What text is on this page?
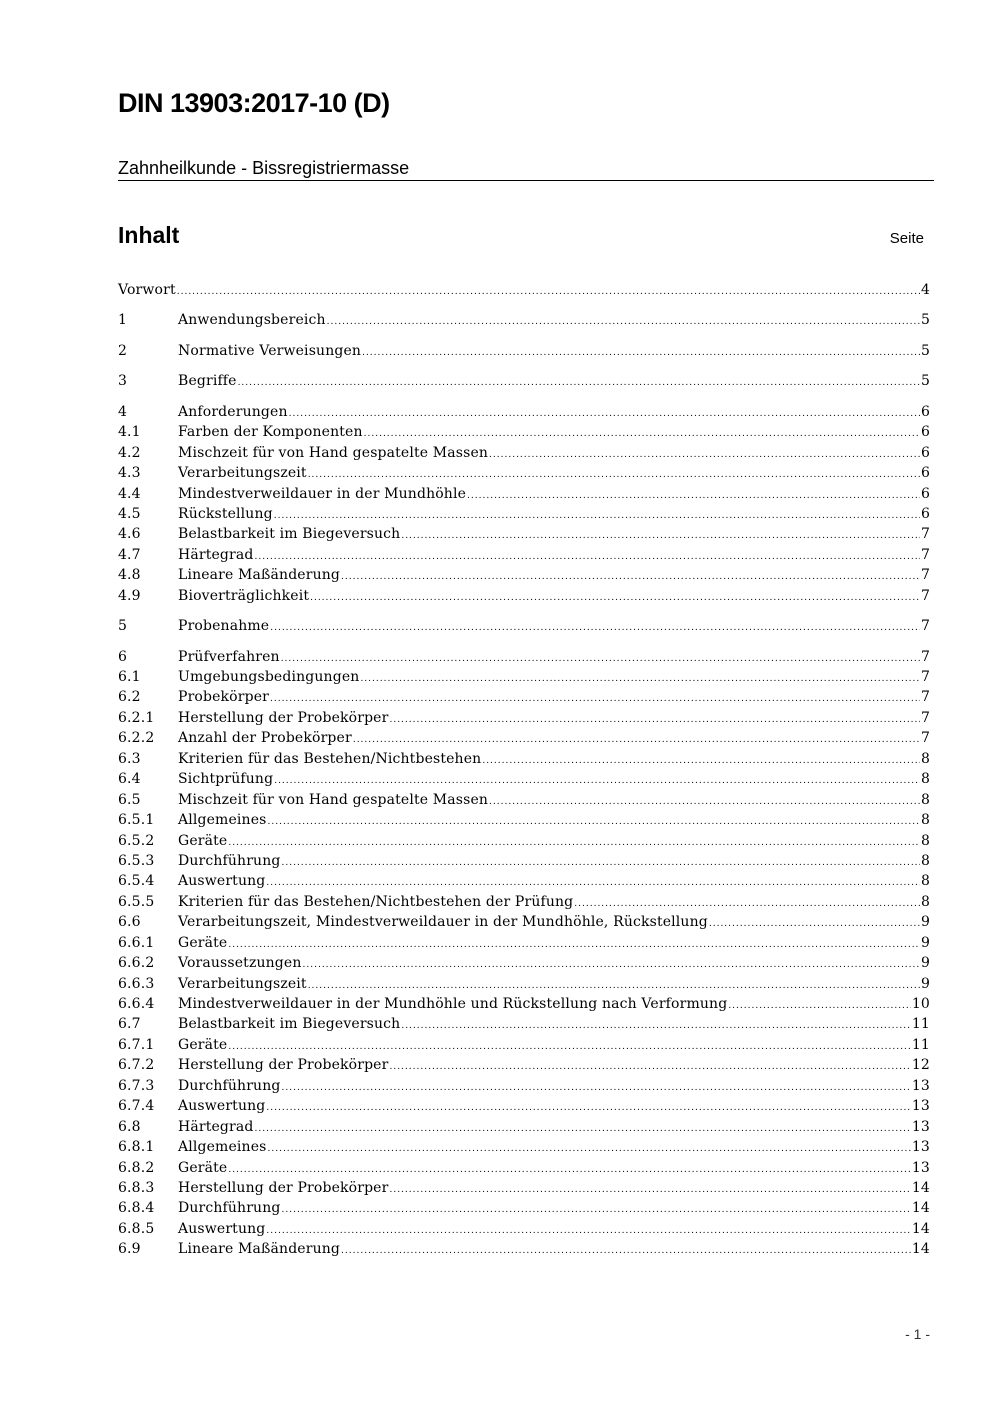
DIN 13903:2017-10 (D)
Zahnheilkunde - Bissregistriermasse
Inhalt	Seite
Vorwort .....	4
1	Anwendungsbereich .....	5
2	Normative Verweisungen .....	5
3	Begriffe .....	5
4	Anforderungen .....	6
4.1	Farben der Komponenten .....	6
4.2	Mischzeit für von Hand gespatelte Massen .....	6
4.3	Verarbeitungszeit .....	6
4.4	Mindestverweildauer in der Mundhöhle .....	6
4.5	Rückstellung .....	6
4.6	Belastbarkeit im Biegeversuch .....	7
4.7	Härtegrad .....	7
4.8	Lineare Maßänderung .....	7
4.9	Bioverträglichkeit .....	7
5	Probenahme .....	7
6	Prüfverfahren .....	7
6.1	Umgebungsbedingungen .....	7
6.2	Probekörper .....	7
6.2.1	Herstellung der Probekörper .....	7
6.2.2	Anzahl der Probekörper .....	7
6.3	Kriterien für das Bestehen/Nichtbestehen .....	8
6.4	Sichtprüfung .....	8
6.5	Mischzeit für von Hand gespatelte Massen .....	8
6.5.1	Allgemeines .....	8
6.5.2	Geräte .....	8
6.5.3	Durchführung .....	8
6.5.4	Auswertung .....	8
6.5.5	Kriterien für das Bestehen/Nichtbestehen der Prüfung .....	8
6.6	Verarbeitungszeit, Mindestverweildauer in der Mundhöhle, Rückstellung .....	9
6.6.1	Geräte .....	9
6.6.2	Voraussetzungen .....	9
6.6.3	Verarbeitungszeit .....	9
6.6.4	Mindestverweildauer in der Mundhöhle und Rückstellung nach Verformung .....	10
6.7	Belastbarkeit im Biegeversuch .....	11
6.7.1	Geräte .....	11
6.7.2	Herstellung der Probekörper .....	12
6.7.3	Durchführung .....	13
6.7.4	Auswertung .....	13
6.8	Härtegrad .....	13
6.8.1	Allgemeines .....	13
6.8.2	Geräte .....	13
6.8.3	Herstellung der Probekörper .....	14
6.8.4	Durchführung .....	14
6.8.5	Auswertung .....	14
6.9	Lineare Maßänderung .....	14
- 1 -
